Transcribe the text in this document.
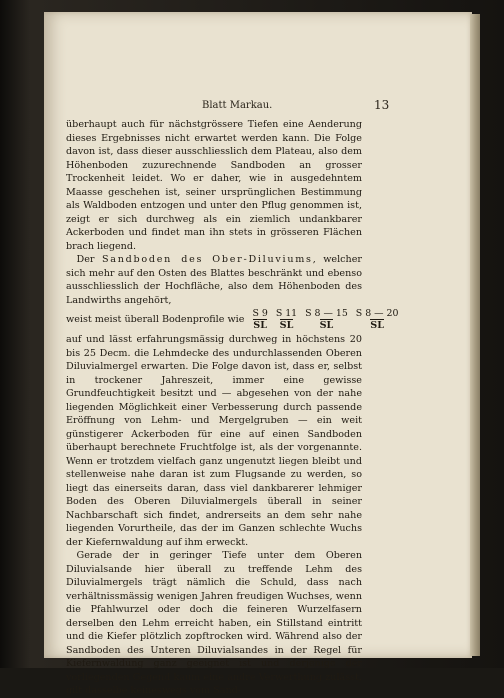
Blatt Markau.	13

überhaupt auch für nächstgrössere Tiefen eine Aenderung dieses Ergebnisses nicht erwartet werden kann. Die Folge davon ist, dass dieser ausschliesslich dem Plateau, also dem Höhenboden zuzurechnende Sandboden an grosser Trockenheit leidet. Wo er daher, wie in ausgedehntem Maasse geschehen ist, seiner ursprünglichen Bestimmung als Waldboden entzogen und unter den Pflug genommen ist, zeigt er sich durchweg als ein ziemlich undankbarer Ackerboden und findet man ihn stets in grösseren Flächen brach liegend.

Der Sandboden des Ober-Diluviums, welcher sich mehr auf den Osten des Blattes beschränkt und ebenso ausschliesslich der Hochfläche, also dem Höhenboden des Landwirths angehört,

weist meist überall Bodenprofile wie $\frac{S 9}{SL} \frac{S 11}{SL} \frac{S 8 — 15}{SL} \frac{S 8 — 20}{SL}$

auf und lässt erfahrungsmässig durchweg in höchstens 20 bis 25 Decm. die Lehmdecke des undurchlassenden Oberen Diluvialmergel erwarten. Die Folge davon ist, dass er, selbst in trockener Jahreszeit, immer eine gewisse Grundfeuchtigkeit besitzt und — abgesehen von der nahe liegenden Möglichkeit einer Verbesserung durch passende Eröffnung von Lehm- und Mergelgruben — ein weit günstigerer Ackerboden für eine auf einen Sandboden überhaupt berechnete Fruchtfolge ist, als der vorgenannte. Wenn er trotzdem vielfach ganz ungenutzt liegen bleibt und stellenweise nahe daran ist zum Flugsande zu werden, so liegt das einerseits daran, dass viel dankbarerer lehmiger Boden des Oberen Diluvialmergels überall in seiner Nachbarschaft sich findet, andrerseits an dem sehr nahe liegenden Vorurtheile, das der im Ganzen schlechte Wuchs der Kiefernwaldung auf ihm erweckt.

Gerade der in geringer Tiefe unter dem Oberen Diluvialsande hier überall zu treffende Lehm des Diluvialmergels trägt nämlich die Schuld, dass nach verhältnissmässig wenigen Jahren freudigen Wuchses, wenn die Pfahlwurzel oder doch die feineren Wurzelfasern derselben den Lehm erreicht haben, ein Stillstand eintritt und die Kiefer plötzlich zopftrocken wird. Während also der Sandboden des Unteren Diluvialsandes in der Regel für Kiefernwaldung ganz geeignet ist und derjenige der vorliegenden Gegend kaum eine andre Verwerthung zulässt, gilt dasselbe keineswegs vom Sand-
